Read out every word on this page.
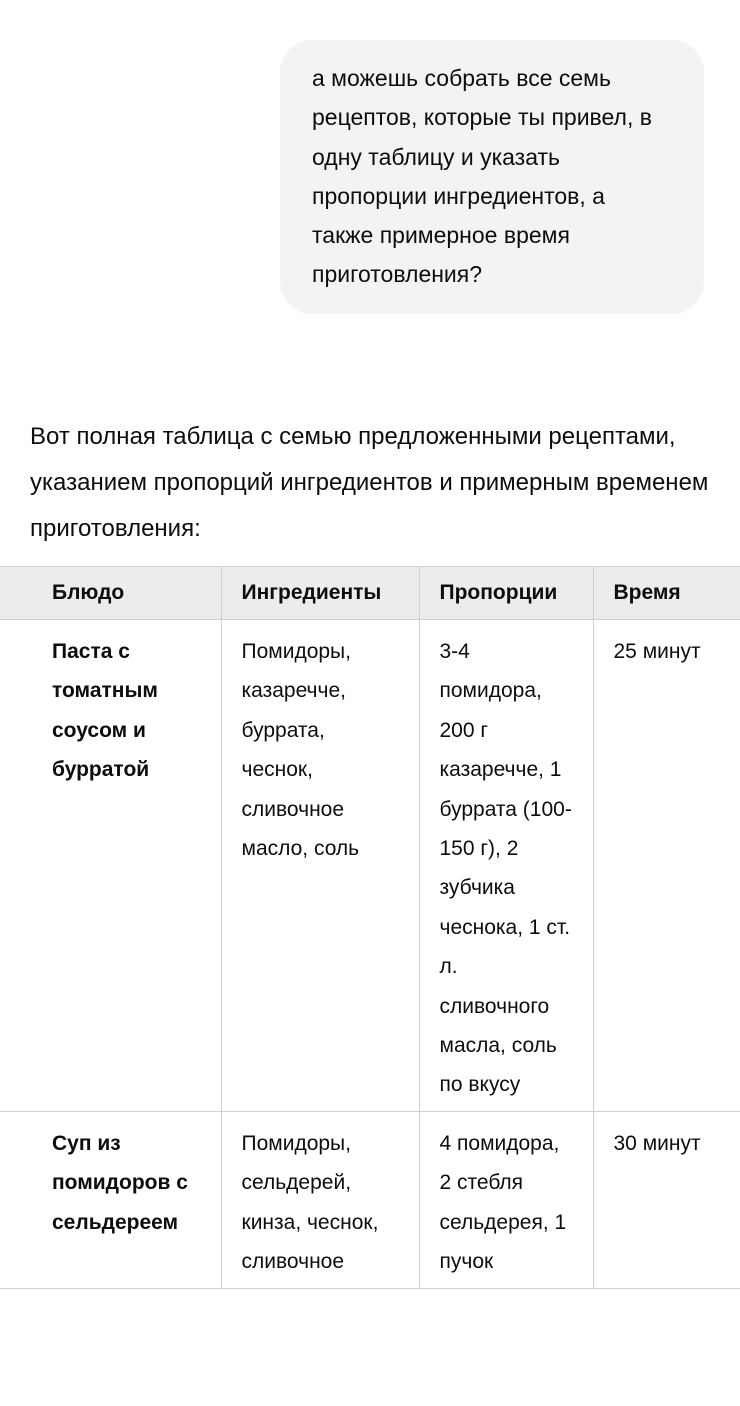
а можешь собрать все семь рецептов, которые ты привел, в одну таблицу и указать пропорции ингредиентов, а также примерное время приготовления?

Вот полная таблица с семью предложенными рецептами, указанием пропорций ингредиентов и примерным временем приготовления:

Блюдо	Ингредиенты	Пропорции	Время
Паста с томатным соусом и бурратой	Помидоры, казаречче, буррата, чеснок, сливочное масло, соль	3-4 помидора, 200 г казаречче, 1 буррата (100-150 г), 2 зубчика чеснока, 1 ст. л. сливочного масла, соль по вкусу	25 минут
Суп из помидоров с сельдереем	Помидоры, сельдерей, кинза, чеснок, сливочное	4 помидора, 2 стебля сельдерея, 1 пучок	30 минут
